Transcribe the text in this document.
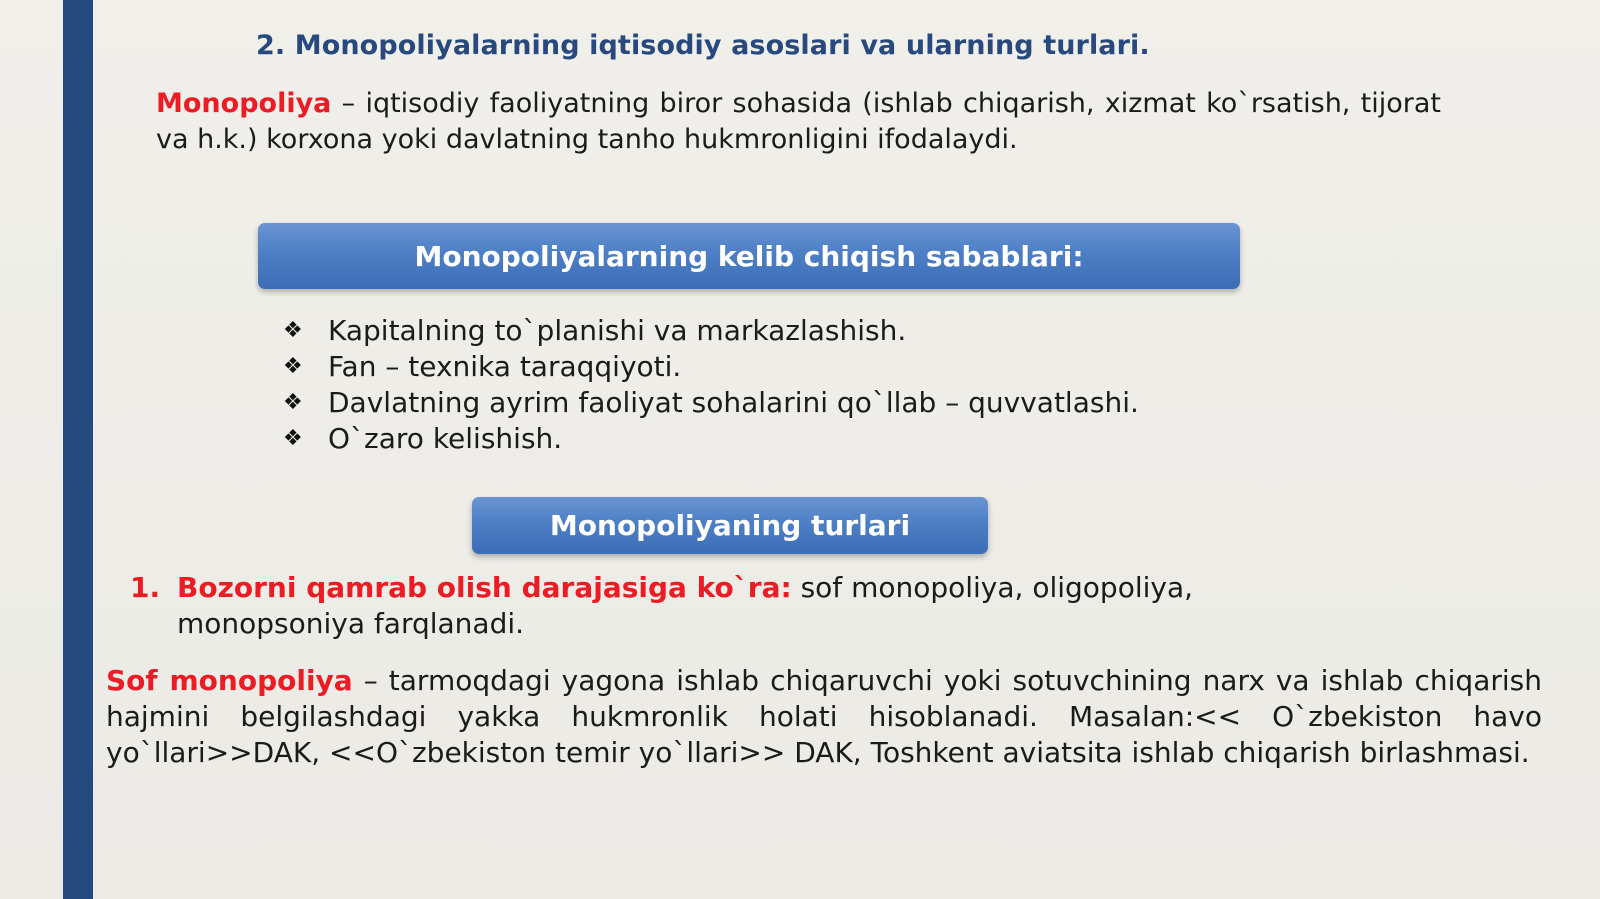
2. Monopoliyalarning iqtisodiy asoslari va ularning turlari.
Monopoliya – iqtisodiy faoliyatning biror sohasida (ishlab chiqarish, xizmat ko`rsatish, tijorat va h.k.) korxona yoki davlatning tanho hukmronligini ifodalaydi.
Monopoliyalarning kelib chiqish sabablari:
❖ Kapitalning to`planishi va markazlashish.
❖ Fan – texnika taraqqiyoti.
❖ Davlatning ayrim faoliyat sohalarini qo`llab – quvvatlashi.
❖ O`zaro kelishish.
Monopoliyaning turlari
1. Bozorni qamrab olish darajasiga ko`ra: sof monopoliya, oligopoliya, monopsoniya farqlanadi.
Sof monopoliya – tarmoqdagi yagona ishlab chiqaruvchi yoki sotuvchining narx va ishlab chiqarish hajmini belgilashdagi yakka hukmronlik holati hisoblanadi. Masalan:<< O`zbekiston havo yo`llari>>DAK, <<O`zbekiston temir yo`llari>> DAK, Toshkent aviatsita ishlab chiqarish birlashmasi.
